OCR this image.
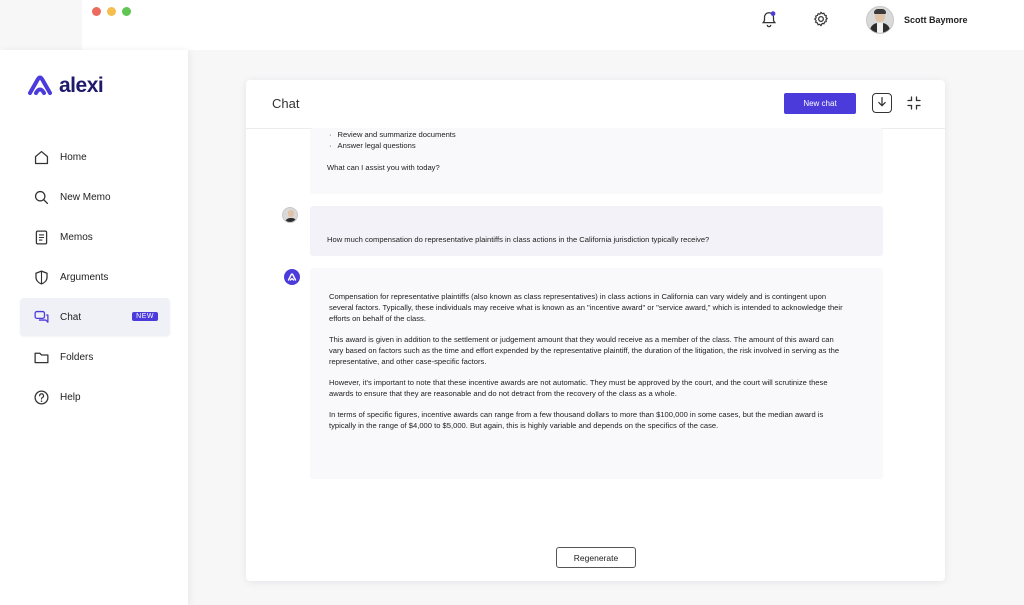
Scott Baymore
alexi
Home
New Memo
Memos
Arguments
Chat	NEW
Folders
Help
Chat	New chat
· Review and summarize documents
· Answer legal questions

What can I assist you with today?

How much compensation do representative plaintiffs in class actions in the California jurisdiction typically receive?

Compensation for representative plaintiffs (also known as class representatives) in class actions in California can vary widely and is contingent upon several factors. Typically, these individuals may receive what is known as an "incentive award" or "service award," which is intended to acknowledge their efforts on behalf of the class.

This award is given in addition to the settlement or judgement amount that they would receive as a member of the class. The amount of this award can vary based on factors such as the time and effort expended by the representative plaintiff, the duration of the litigation, the risk involved in serving as the representative, and other case-specific factors.

However, it's important to note that these incentive awards are not automatic. They must be approved by the court, and the court will scrutinize these awards to ensure that they are reasonable and do not detract from the recovery of the class as a whole.

In terms of specific figures, incentive awards can range from a few thousand dollars to more than $100,000 in some cases, but the median award is typically in the range of $4,000 to $5,000. But again, this is highly variable and depends on the specifics of the case.

Regenerate
